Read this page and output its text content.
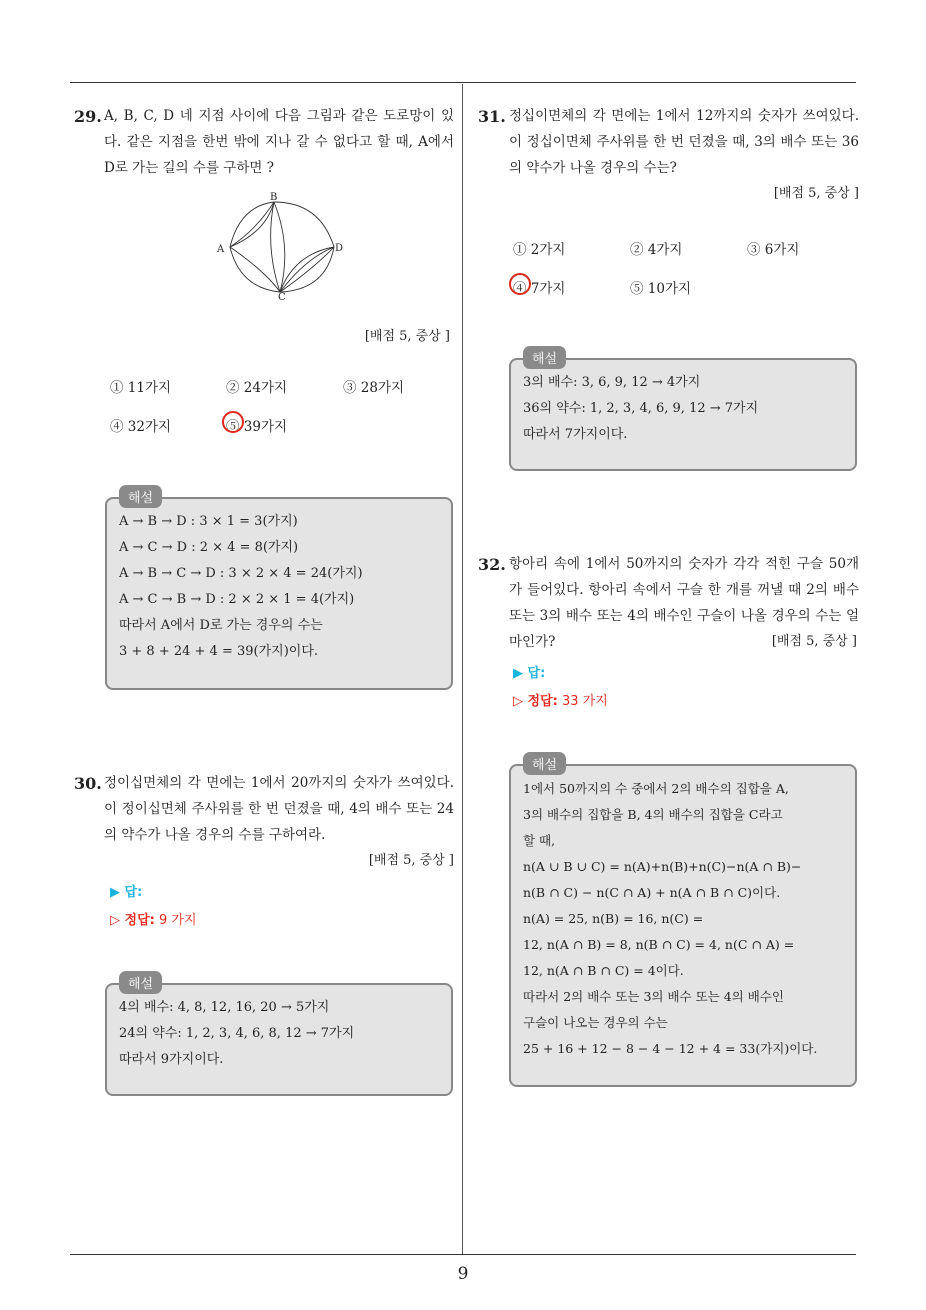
9
29. A, B, C, D 네 지점 사이에 다음 그림과 같은 도로망이 있다. 같은 지점을 한번 밖에 지나 갈 수 없다고 할 때, A에서 D로 가는 길의 수를 구하면 ?
A
B
C
D
[배점 5, 중상 ]
① 11가지	② 24가지	③ 28가지
④ 32가지	⑤ 39가지
해설
A → B → D : 3 × 1 = 3(가지)
A → C → D : 2 × 4 = 8(가지)
A → B → C → D : 3 × 2 × 4 = 24(가지)
A → C → B → D : 2 × 2 × 1 = 4(가지)
따라서 A에서 D로 가는 경우의 수는
3 + 8 + 24 + 4 = 39(가지)이다.
30. 정이십면체의 각 면에는 1에서 20까지의 숫자가 쓰여있다. 이 정이십면체 주사위를 한 번 던졌을 때, 4의 배수 또는 24의 약수가 나올 경우의 수를 구하여라.
[배점 5, 중상 ]
▶ 답:
▷ 정답: 9 가지
해설
4의 배수: 4, 8, 12, 16, 20 → 5가지
24의 약수: 1, 2, 3, 4, 6, 8, 12 → 7가지
따라서 9가지이다.
31. 정십이면체의 각 면에는 1에서 12까지의 숫자가 쓰여있다. 이 정십이면체 주사위를 한 번 던졌을 때, 3의 배수 또는 36의 약수가 나올 경우의 수는?
[배점 5, 중상 ]
① 2가지	② 4가지	③ 6가지
④ 7가지	⑤ 10가지
해설
3의 배수: 3, 6, 9, 12 → 4가지
36의 약수: 1, 2, 3, 4, 6, 9, 12 → 7가지
따라서 7가지이다.
32. 항아리 속에 1에서 50까지의 숫자가 각각 적힌 구슬 50개가 들어있다. 항아리 속에서 구슬 한 개를 꺼낼 때 2의 배수 또는 3의 배수 또는 4의 배수인 구슬이 나올 경우의 수는 얼마인가?	[배점 5, 중상 ]
▶ 답:
▷ 정답: 33 가지
해설
1에서 50까지의 수 중에서 2의 배수의 집합을 A,
3의 배수의 집합을 B, 4의 배수의 집합을 C라고
할 때,
n(A ∪ B ∪ C) = n(A)+n(B)+n(C)−n(A ∩ B)−
n(B ∩ C) − n(C ∩ A) + n(A ∩ B ∩ C)이다.
n(A) = 25, n(B) = 16, n(C) =
12, n(A ∩ B) = 8, n(B ∩ C) = 4, n(C ∩ A) =
12, n(A ∩ B ∩ C) = 4이다.
따라서 2의 배수 또는 3의 배수 또는 4의 배수인
구슬이 나오는 경우의 수는
25 + 16 + 12 − 8 − 4 − 12 + 4 = 33(가지)이다.
